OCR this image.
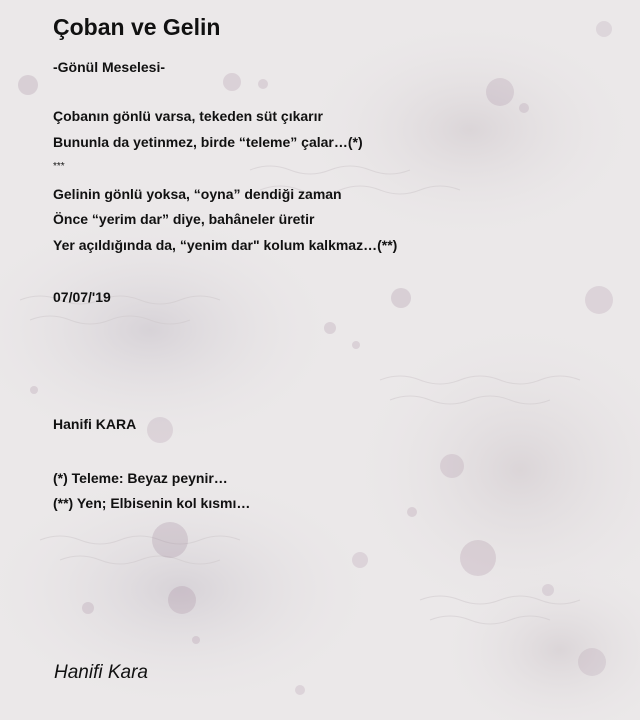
Çoban ve Gelin
-Gönül Meselesi-
Çobanın gönlü varsa, tekeden süt çıkarır
Bununla da yetinmez, birde “teleme” çalar…(*)
***
Gelinin gönlü yoksa, “oyna” dendiği zaman
Önce “yerim dar” diye, bahâneler üretir
Yer açıldığında da, “yenim dar" kolum kalkmaz…(**)
07/07/'19
Hanifi KARA
(*) Teleme: Beyaz peynir…
(**) Yen; Elbisenin kol kısmı…
Hanifi Kara
